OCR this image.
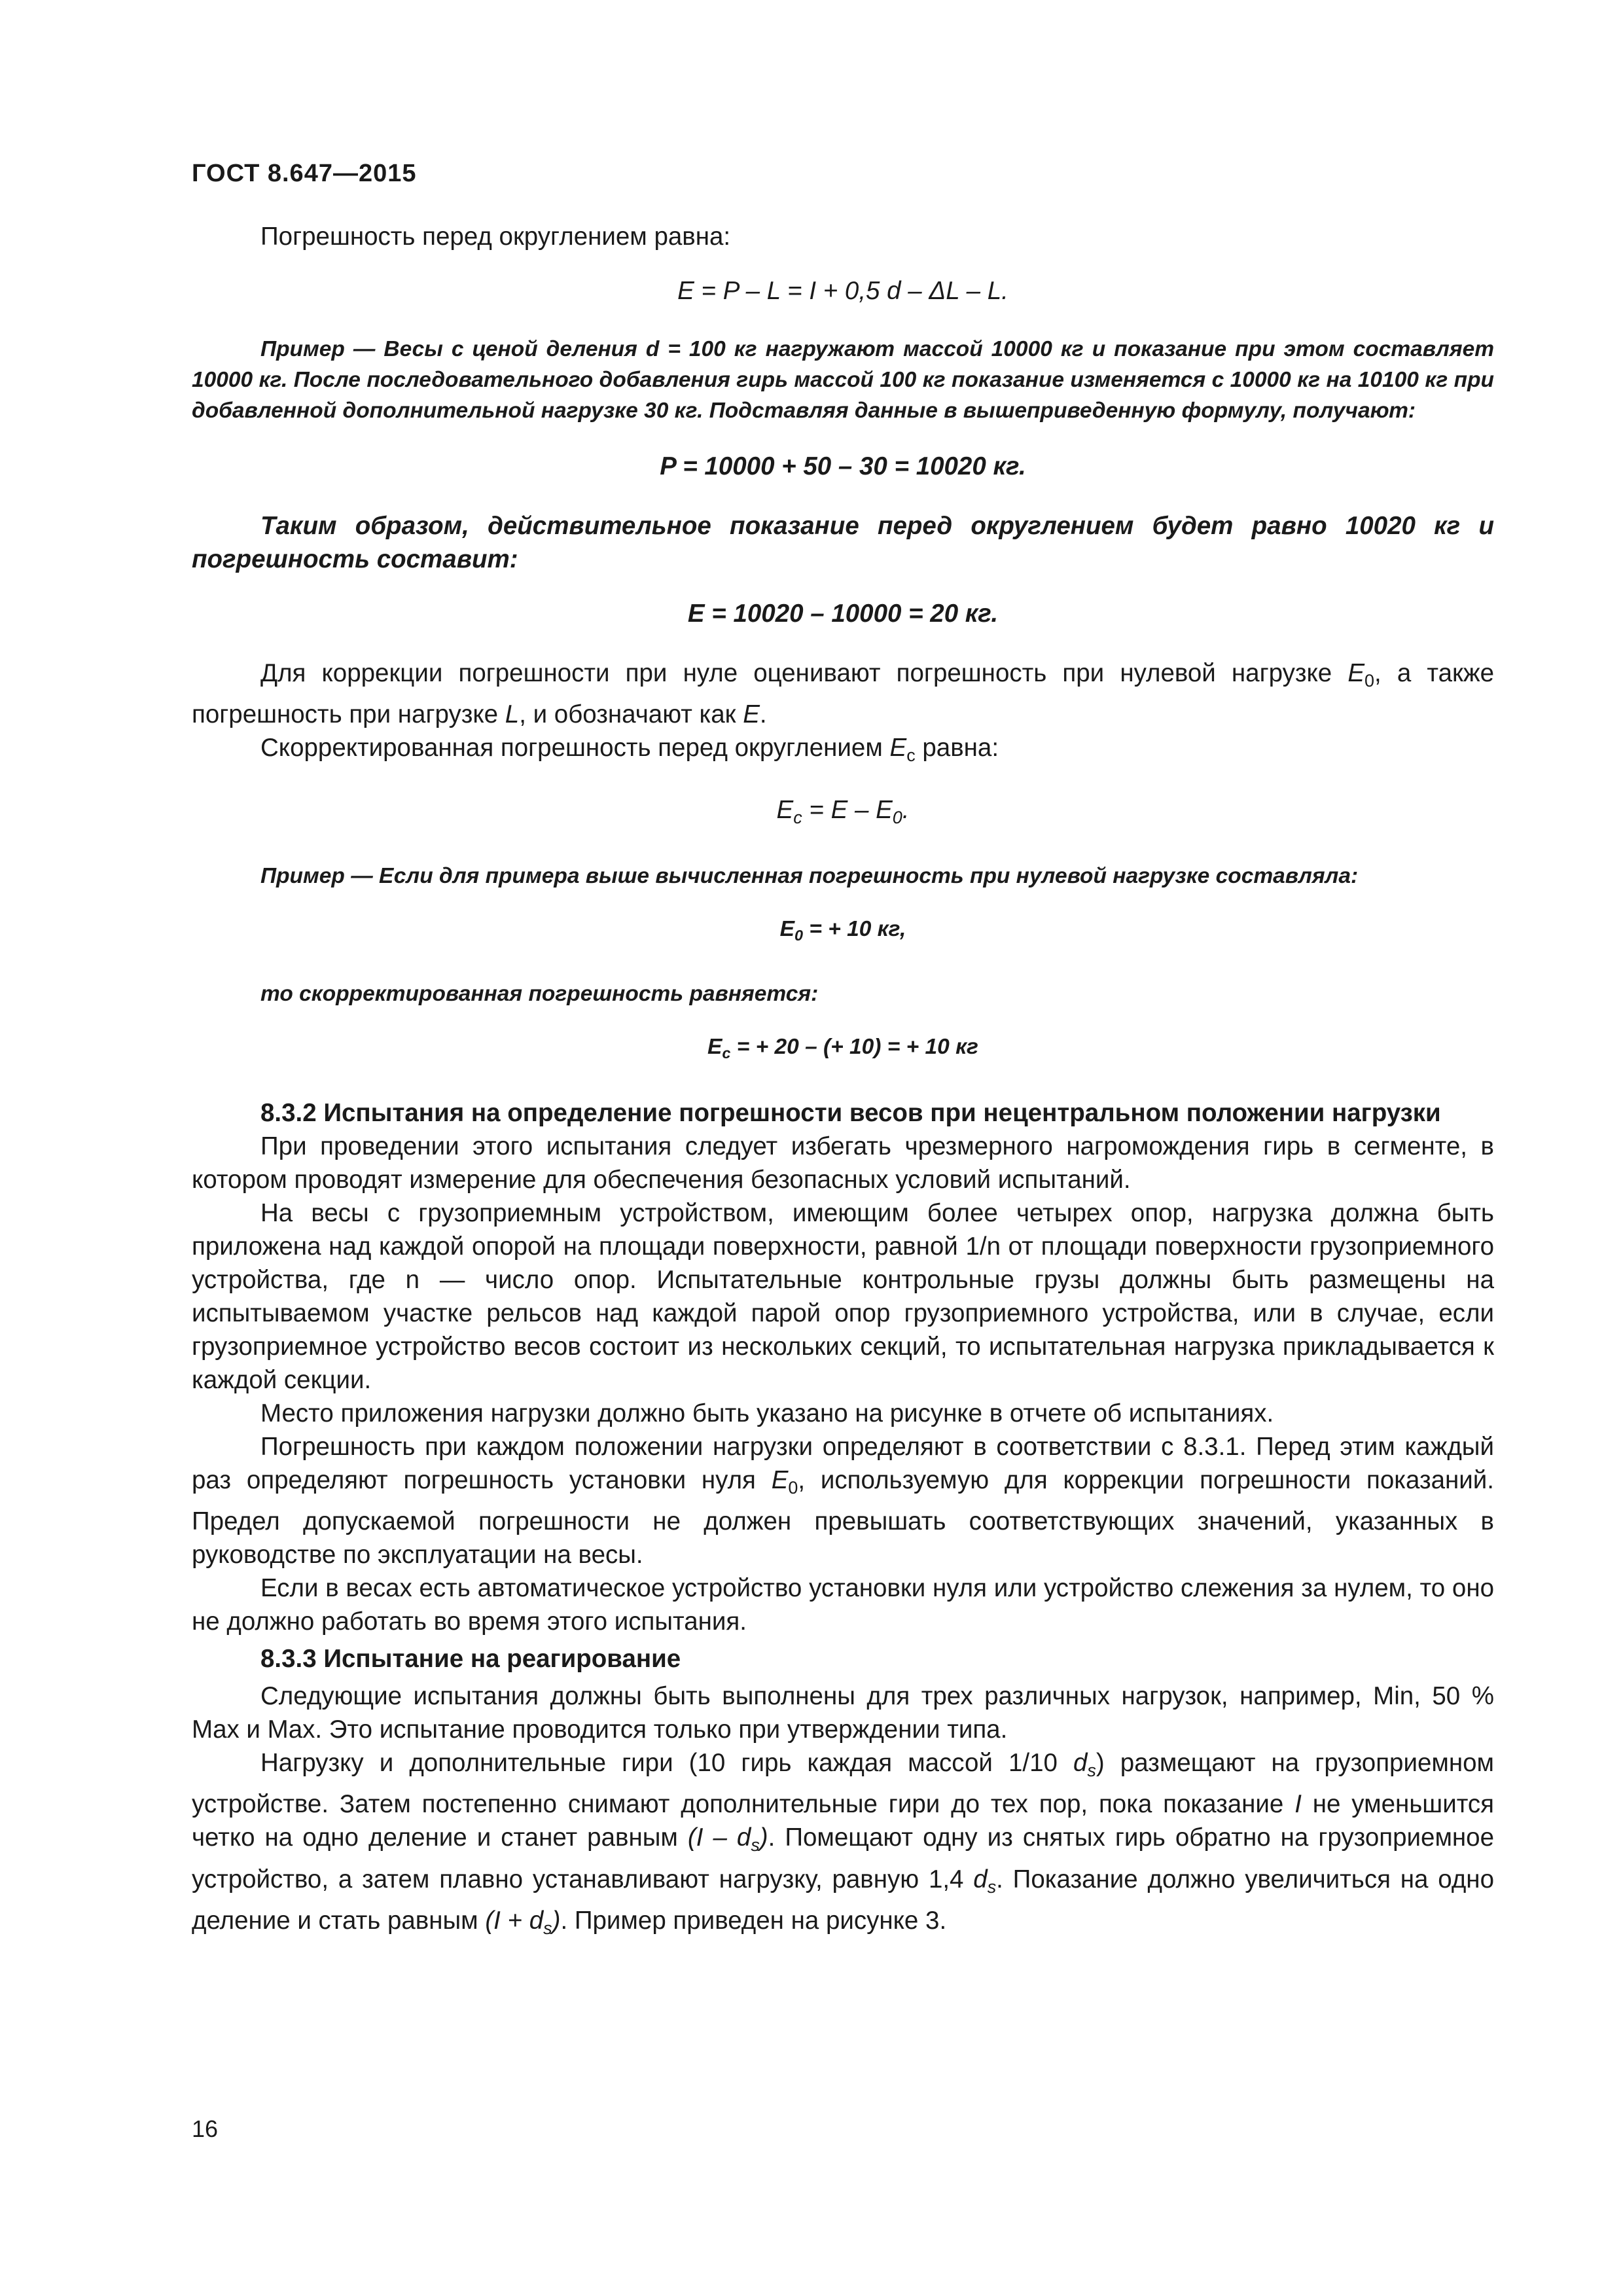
ГОСТ 8.647—2015

Погрешность перед округлением равна:

E = P – L = I + 0,5 d – ΔL – L.

Пример — Весы с ценой деления d = 100 кг нагружают массой 10000 кг и показание при этом составляет 10000 кг. После последовательного добавления гирь массой 100 кг показание изменяется с 10000 кг на 10100 кг при добавленной дополнительной нагрузке 30 кг. Подставляя данные в вышеприведенную формулу, получают:

P = 10000 + 50 – 30 = 10020 кг.

Таким образом, действительное показание перед округлением будет равно 10020 кг и погрешность составит:

E = 10020 – 10000 = 20 кг.

Для коррекции погрешности при нуле оценивают погрешность при нулевой нагрузке $E_0$, а также погрешность при нагрузке L, и обозначают как E.

Скорректированная погрешность перед округлением $E_c$ равна:

$E_c = E - E_0$.

Пример — Если для примера выше вычисленная погрешность при нулевой нагрузке составляла:

$E_0$ = + 10 кг,

то скорректированная погрешность равняется:

$E_c$ = + 20 – (+ 10) = + 10 кг

8.3.2 Испытания на определение погрешности весов при нецентральном положении нагрузки

При проведении этого испытания следует избегать чрезмерного нагромождения гирь в сегменте, в котором проводят измерение для обеспечения безопасных условий испытаний.

На весы с грузоприемным устройством, имеющим более четырех опор, нагрузка должна быть приложена над каждой опорой на площади поверхности, равной 1/n от площади поверхности грузоприемного устройства, где n — число опор. Испытательные контрольные грузы должны быть размещены на испытываемом участке рельсов над каждой парой опор грузоприемного устройства, или в случае, если грузоприемное устройство весов состоит из нескольких секций, то испытательная нагрузка прикладывается к каждой секции.

Место приложения нагрузки должно быть указано на рисунке в отчете об испытаниях.

Погрешность при каждом положении нагрузки определяют в соответствии с 8.3.1. Перед этим каждый раз определяют погрешность установки нуля $E_0$, используемую для коррекции погрешности показаний. Предел допускаемой погрешности не должен превышать соответствующих значений, указанных в руководстве по эксплуатации на весы.

Если в весах есть автоматическое устройство установки нуля или устройство слежения за нулем, то оно не должно работать во время этого испытания.

8.3.3 Испытание на реагирование

Следующие испытания должны быть выполнены для трех различных нагрузок, например, Min, 50 % Max и Max. Это испытание проводится только при утверждении типа.

Нагрузку и дополнительные гири (10 гирь каждая массой 1/10 $d_s$) размещают на грузоприемном устройстве. Затем постепенно снимают дополнительные гири до тех пор, пока показание I не уменьшится четко на одно деление и станет равным $(I - d_s)$. Помещают одну из снятых гирь обратно на грузоприемное устройство, а затем плавно устанавливают нагрузку, равную 1,4 $d_s$. Показание должно увеличиться на одно деление и стать равным $(I + d_s)$. Пример приведен на рисунке 3.

16
